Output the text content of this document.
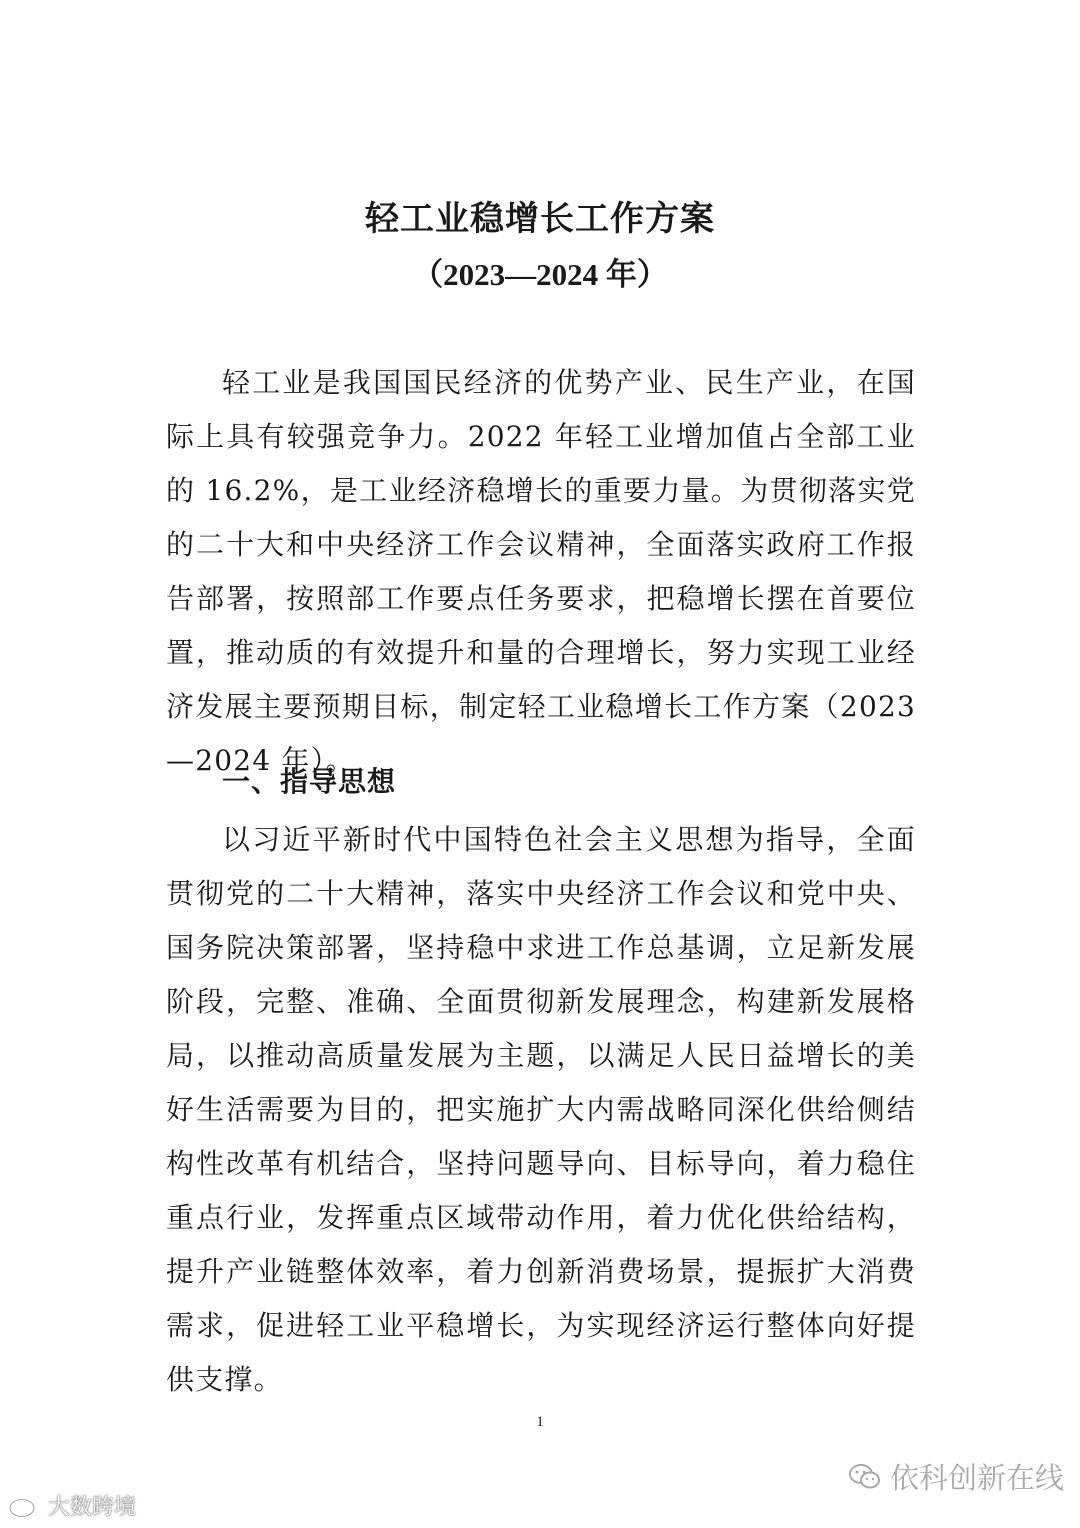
轻工业稳增长工作方案
（2023—2024 年）

轻工业是我国国民经济的优势产业、民生产业，在国际上具有较强竞争力。2022 年轻工业增加值占全部工业的 16.2%，是工业经济稳增长的重要力量。为贯彻落实党的二十大和中央经济工作会议精神，全面落实政府工作报告部署，按照部工作要点任务要求，把稳增长摆在首要位置，推动质的有效提升和量的合理增长，努力实现工业经济发展主要预期目标，制定轻工业稳增长工作方案（2023—2024 年）。

一、指导思想

以习近平新时代中国特色社会主义思想为指导，全面贯彻党的二十大精神，落实中央经济工作会议和党中央、国务院决策部署，坚持稳中求进工作总基调，立足新发展阶段，完整、准确、全面贯彻新发展理念，构建新发展格局，以推动高质量发展为主题，以满足人民日益增长的美好生活需要为目的，把实施扩大内需战略同深化供给侧结构性改革有机结合，坚持问题导向、目标导向，着力稳住重点行业，发挥重点区域带动作用，着力优化供给结构，提升产业链整体效率，着力创新消费场景，提振扩大消费需求，促进轻工业平稳增长，为实现经济运行整体向好提供支撑。

1
依科创新在线
大数跨境
